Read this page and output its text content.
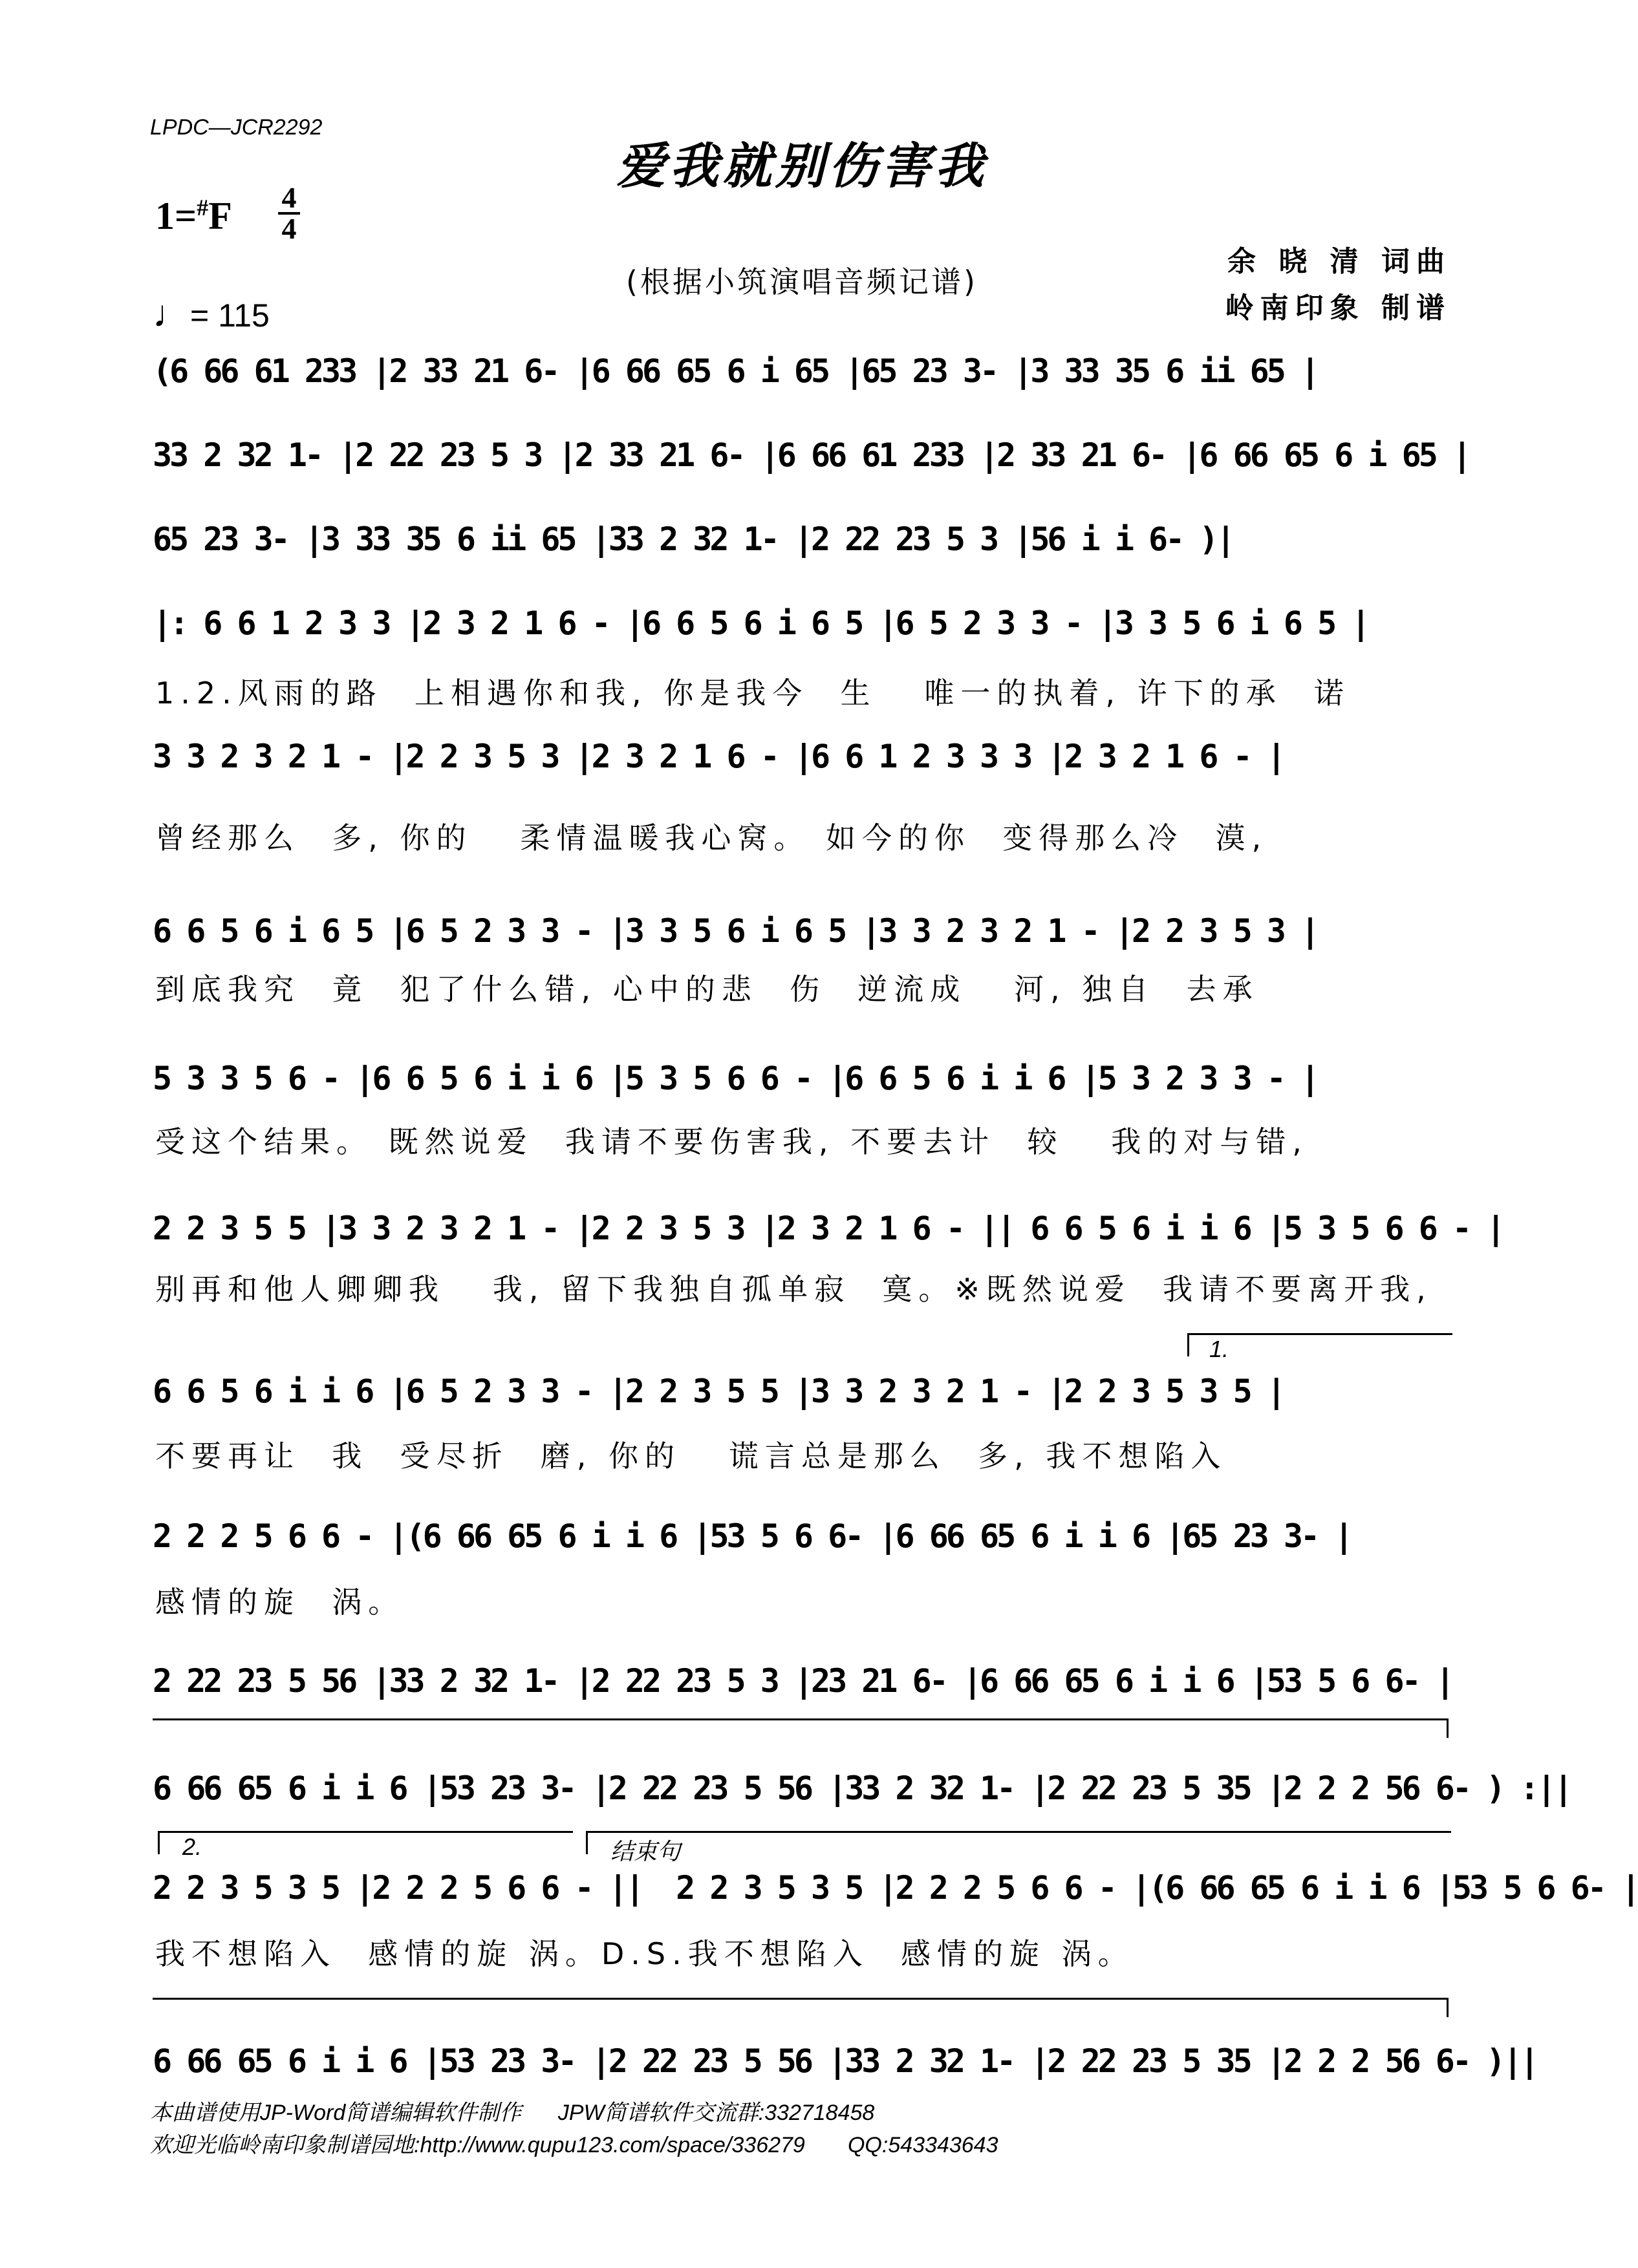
LPDC—JCR2292
爱我就别伤害我
1=#F 4
4
(根据小筑演唱音频记谱)
余 晓 清 词曲
岭南印象 制谱
♩= 115
(6 66 61 233 |2 33 21 6- |6 66 65 6 i 65 |65 23 3- |3 33 35 6 ii 65 |
33 2 32 1- |2 22 23 5 3 |2 33 21 6- |6 66 61 233 |2 33 21 6- |6 66 65 6 i 65 |
65 23 3- |3 33 35 6 ii 65 |33 2 32 1- |2 22 23 5 3 |56 i i 6- )|
|: 6 6 1 2 3 3 |2 3 2 1 6 - |6 6 5 6 i 6 5 |6 5 2 3 3 - |3 3 5 6 i 6 5 |
1.2.风雨的路  上相遇你和我, 你是我今  生   唯一的执着, 许下的承  诺
3 3 2 3 2 1 - |2 2 3 5 3 |2 3 2 1 6 - |6 6 1 2 3 3 3 |2 3 2 1 6 - |
曾经那么  多, 你的   柔情温暖我心窝。 如今的你  变得那么冷  漠,
6 6 5 6 i 6 5 |6 5 2 3 3 - |3 3 5 6 i 6 5 |3 3 2 3 2 1 - |2 2 3 5 3 |
到底我究  竟  犯了什么错, 心中的悲  伤  逆流成   河, 独自  去承
5 3 3 5 6 - |6 6 5 6 i i 6 |5 3 5 6 6 - |6 6 5 6 i i 6 |5 3 2 3 3 - |
受这个结果。 既然说爱  我请不要伤害我, 不要去计  较   我的对与错,
2 2 3 5 5 |3 3 2 3 2 1 - |2 2 3 5 3 |2 3 2 1 6 - || 6 6 5 6 i i 6 |5 3 5 6 6 - |
别再和他人卿卿我   我, 留下我独自孤单寂  寞。※既然说爱  我请不要离开我,
1.
6 6 5 6 i i 6 |6 5 2 3 3 - |2 2 3 5 5 |3 3 2 3 2 1 - |2 2 3 5 3 5 |
不要再让  我  受尽折  磨, 你的   谎言总是那么  多, 我不想陷入
2 2 2 5 6 6 - |(6 66 65 6 i i 6 |53 5 6 6- |6 66 65 6 i i 6 |65 23 3- |
感情的旋  涡。
2 22 23 5 56 |33 2 32 1- |2 22 23 5 3 |23 21 6- |6 66 65 6 i i 6 |53 5 6 6- |
6 66 65 6 i i 6 |53 23 3- |2 22 23 5 56 |33 2 32 1- |2 22 23 5 35 |2 2 2 56 6- ) :||
2.	结束句
2 2 3 5 3 5 |2 2 2 5 6 6 - ||  2 2 3 5 3 5 |2 2 2 5 6 6 - |(6 66 65 6 i i 6 |53 5 6 6- |
我不想陷入  感情的旋 涡。D.S.我不想陷入  感情的旋 涡。
6 66 65 6 i i 6 |53 23 3- |2 22 23 5 56 |33 2 32 1- |2 22 23 5 35 |2 2 2 56 6- )||
本曲谱使用JP-Word简谱编辑软件制作      JPW简谱软件交流群:332718458
欢迎光临岭南印象制谱园地:http://www.qupu123.com/space/336279       QQ:543343643
